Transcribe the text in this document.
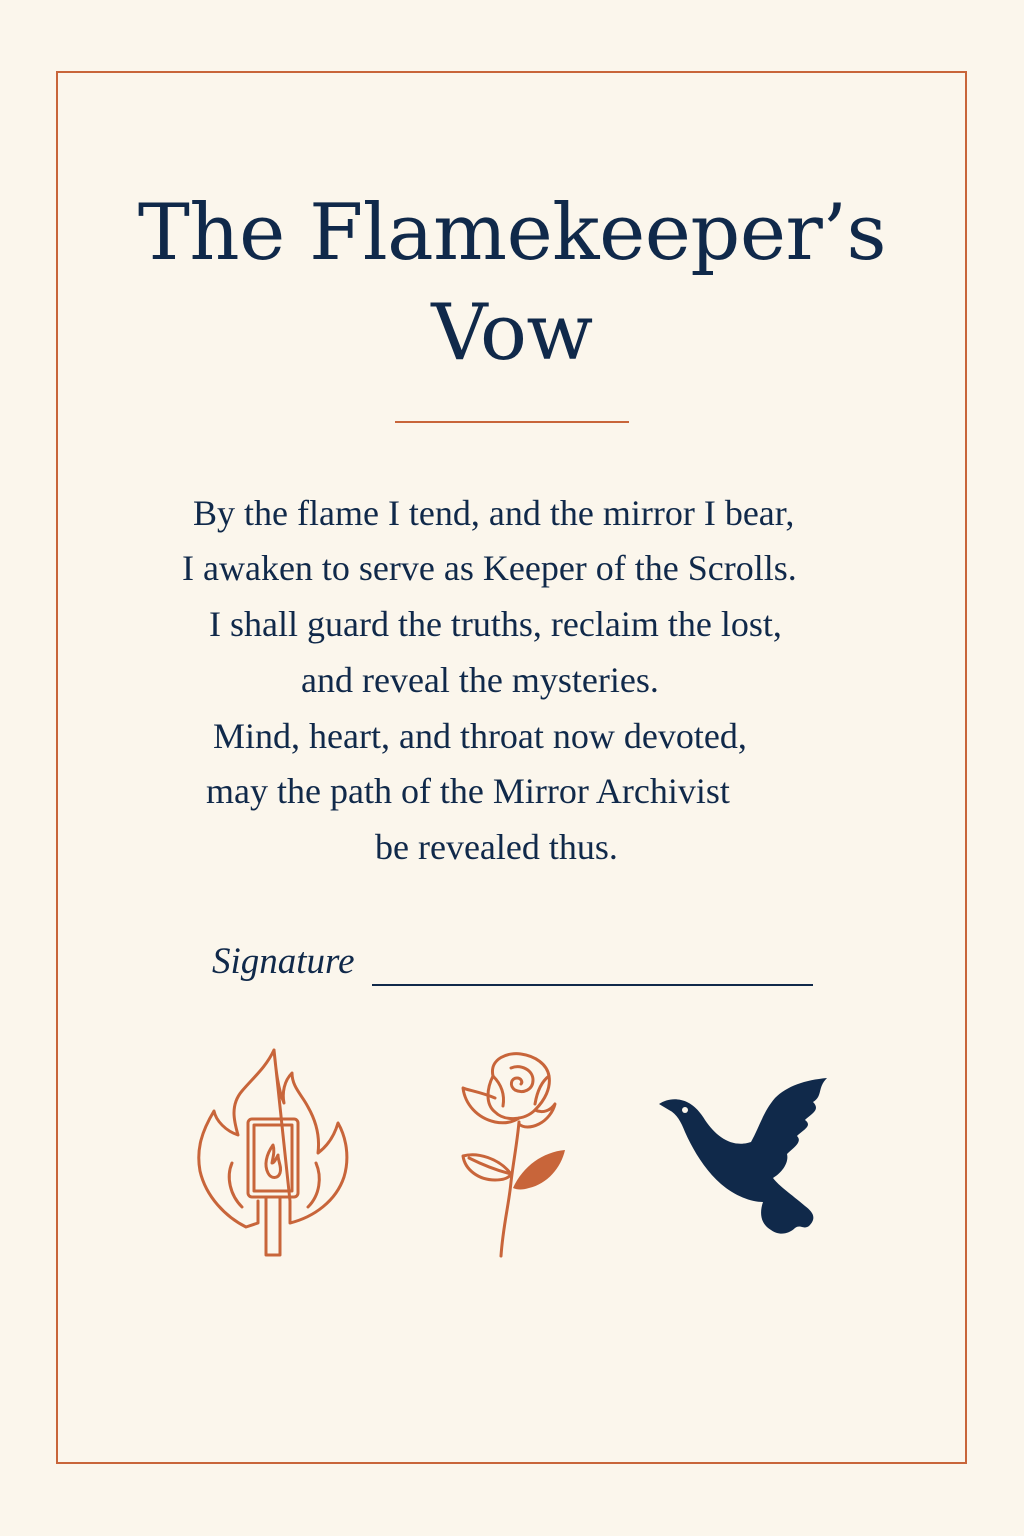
The Flamekeeper’s
Vow
By the flame I tend, and the mirror I bear,
I awaken to serve as Keeper of the Scrolls.
I shall guard the truths, reclaim the lost,
and reveal the mysteries.
Mind, heart, and throat now devoted,
may the path of the Mirror Archivist
be revealed thus.
Signature
